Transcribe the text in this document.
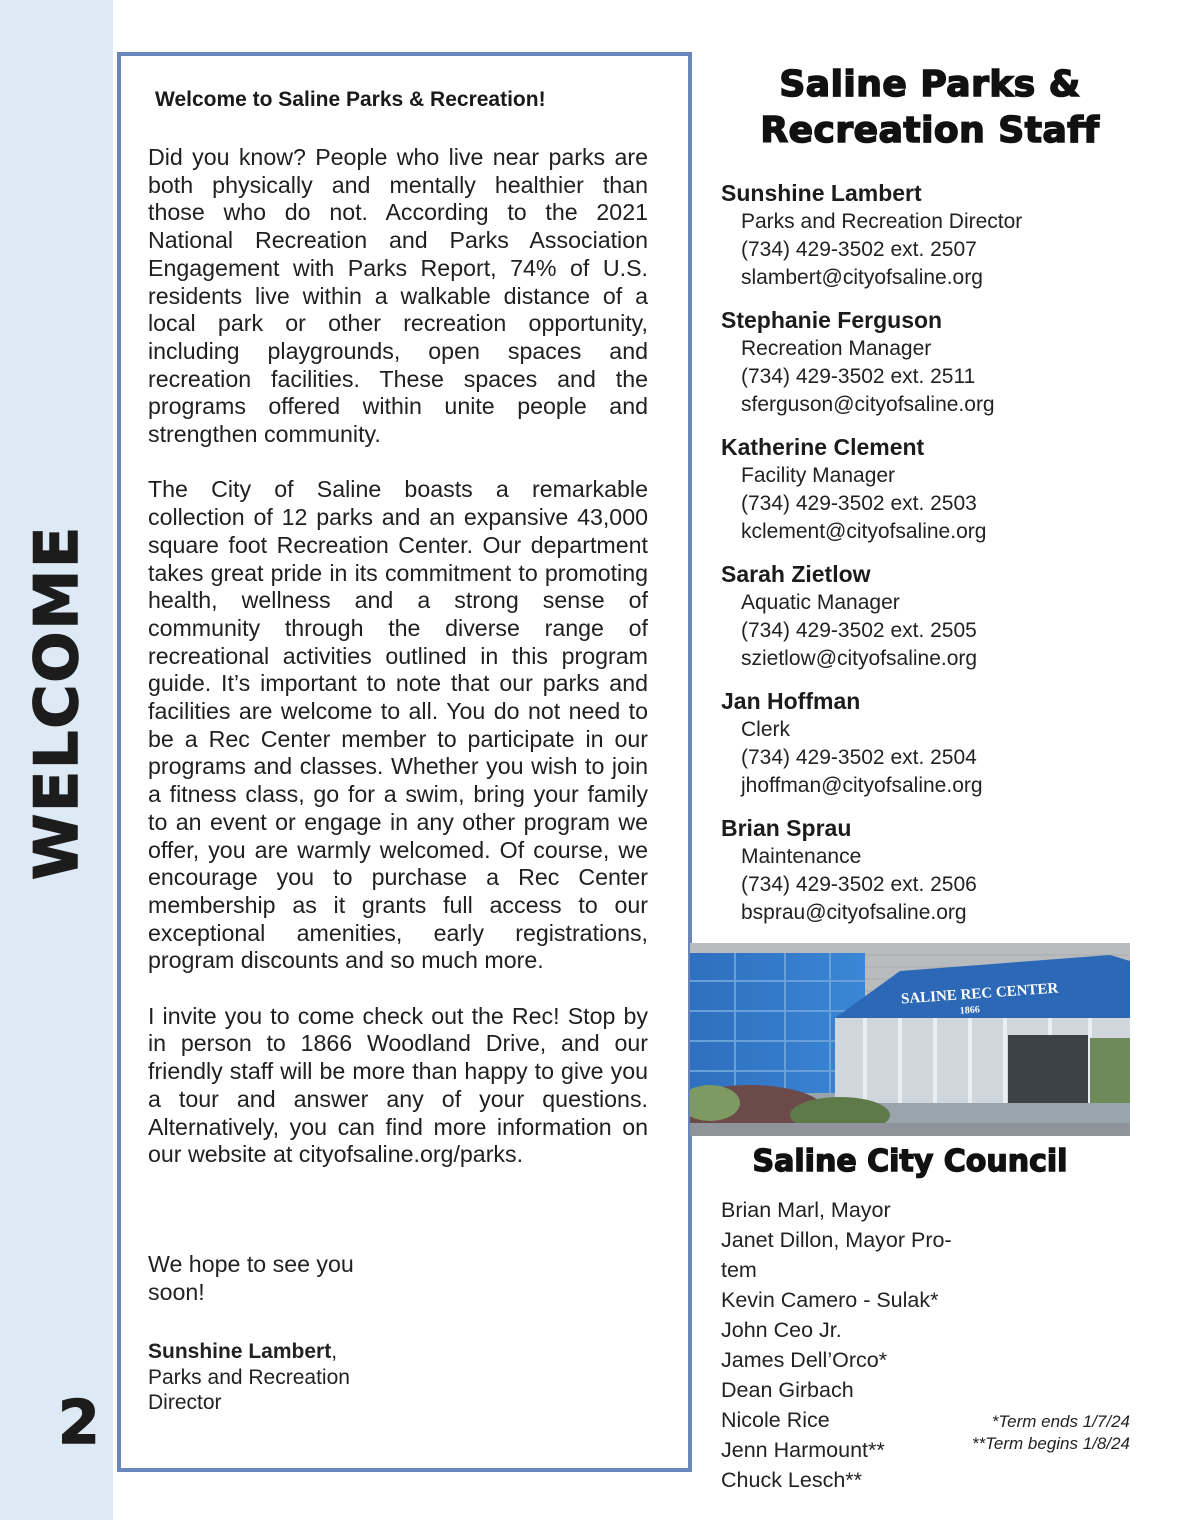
WELCOME
2
Welcome to Saline Parks & Recreation!

Did you know? People who live near parks are both physically and mentally healthier than those who do not. According to the 2021 National Recreation and Parks Association Engagement with Parks Report, 74% of U.S. residents live within a walkable distance of a local park or other recreation opportunity, including playgrounds, open spaces and recreation facilities. These spaces and the programs offered within unite people and strengthen community.

The City of Saline boasts a remarkable collection of 12 parks and an expansive 43,000 square foot Recreation Center. Our department takes great pride in its commitment to promoting health, wellness and a strong sense of community through the diverse range of recreational activities outlined in this program guide. It’s important to note that our parks and facilities are welcome to all. You do not need to be a Rec Center member to participate in our programs and classes. Whether you wish to join a fitness class, go for a swim, bring your family to an event or engage in any other program we offer, you are warmly welcomed. Of course, we encourage you to purchase a Rec Center membership as it grants full access to our exceptional amenities, early registrations, program discounts and so much more.

I invite you to come check out the Rec! Stop by in person to 1866 Woodland Drive, and our friendly staff will be more than happy to give you a tour and answer any of your questions. Alternatively, you can find more information on our website at cityofsaline.org/parks.

We hope to see you soon!
Sunshine Lambert,
Parks and Recreation Director
Saline Parks &
Recreation Staff
Sunshine Lambert
Parks and Recreation Director
(734) 429-3502 ext. 2507
slambert@cityofsaline.org
Stephanie Ferguson
Recreation Manager
(734) 429-3502 ext. 2511
sferguson@cityofsaline.org
Katherine Clement
Facility Manager
(734) 429-3502 ext. 2503
kclement@cityofsaline.org
Sarah Zietlow
Aquatic Manager
(734) 429-3502 ext. 2505
szietlow@cityofsaline.org
Jan Hoffman
Clerk
(734) 429-3502 ext. 2504
jhoffman@cityofsaline.org
Brian Sprau
Maintenance
(734) 429-3502 ext. 2506
bsprau@cityofsaline.org
SALINE REC CENTER
1866
Saline City Council
Brian Marl, Mayor
Janet Dillon, Mayor Pro-tem
Kevin Camero - Sulak*
John Ceo Jr.
James Dell’Orco*
Dean Girbach
Nicole Rice
Jenn Harmount**
Chuck Lesch**
*Term ends 1/7/24
**Term begins 1/8/24
